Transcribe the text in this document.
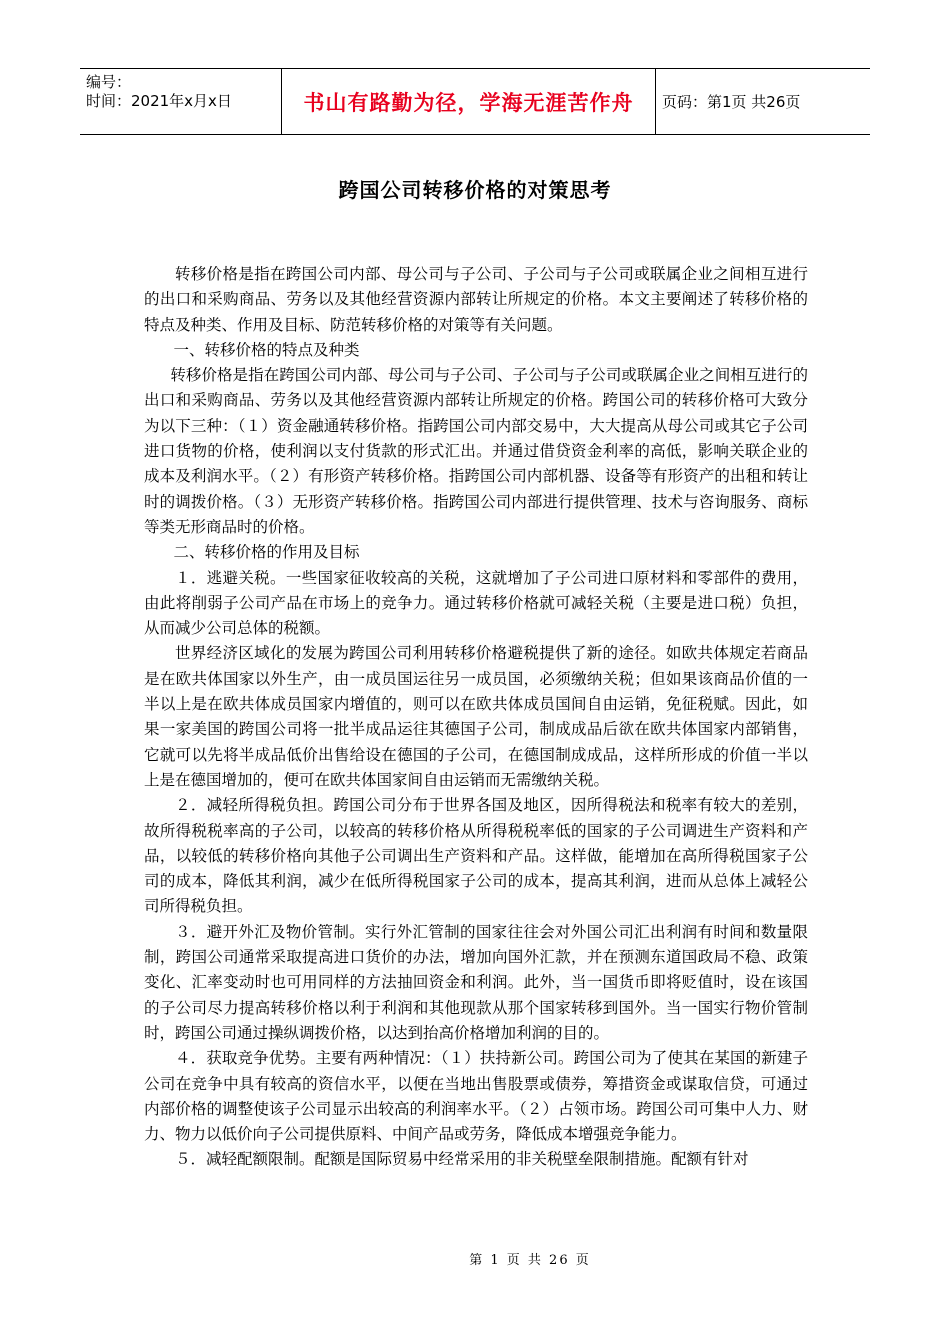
编号：
时间：2021年x月x日	书山有路勤为径，学海无涯苦作舟	页码：第1页 共26页
跨国公司转移价格的对策思考

转移价格是指在跨国公司内部、母公司与子公司、子公司与子公司或联属企业之间相互进行的出口和采购商品、劳务以及其他经营资源内部转让所规定的价格。本文主要阐述了转移价格的特点及种类、作用及目标、防范转移价格的对策等有关问题。

一、转移价格的特点及种类

转移价格是指在跨国公司内部、母公司与子公司、子公司与子公司或联属企业之间相互进行的出口和采购商品、劳务以及其他经营资源内部转让所规定的价格。跨国公司的转移价格可大致分为以下三种：（１）资金融通转移价格。指跨国公司内部交易中，大大提高从母公司或其它子公司进口货物的价格，使利润以支付货款的形式汇出。并通过借贷资金利率的高低，影响关联企业的成本及利润水平。（２）有形资产转移价格。指跨国公司内部机器、设备等有形资产的出租和转让时的调拨价格。（３）无形资产转移价格。指跨国公司内部进行提供管理、技术与咨询服务、商标等类无形商品时的价格。

二、转移价格的作用及目标

１．逃避关税。一些国家征收较高的关税，这就增加了子公司进口原材料和零部件的费用，由此将削弱子公司产品在市场上的竞争力。通过转移价格就可减轻关税（主要是进口税）负担，从而减少公司总体的税额。

世界经济区域化的发展为跨国公司利用转移价格避税提供了新的途径。如欧共体规定若商品是在欧共体国家以外生产，由一成员国运往另一成员国，必须缴纳关税；但如果该商品价值的一半以上是在欧共体成员国家内增值的，则可以在欧共体成员国间自由运销，免征税赋。因此，如果一家美国的跨国公司将一批半成品运往其德国子公司，制成成品后欲在欧共体国家内部销售，它就可以先将半成品低价出售给设在德国的子公司，在德国制成成品，这样所形成的价值一半以上是在德国增加的，便可在欧共体国家间自由运销而无需缴纳关税。

２．减轻所得税负担。跨国公司分布于世界各国及地区，因所得税法和税率有较大的差别，故所得税税率高的子公司，以较高的转移价格从所得税税率低的国家的子公司调进生产资料和产品，以较低的转移价格向其他子公司调出生产资料和产品。这样做，能增加在高所得税国家子公司的成本，降低其利润，减少在低所得税国家子公司的成本，提高其利润，进而从总体上减轻公司所得税负担。

３．避开外汇及物价管制。实行外汇管制的国家往往会对外国公司汇出利润有时间和数量限制，跨国公司通常采取提高进口货价的办法，增加向国外汇款，并在预测东道国政局不稳、政策变化、汇率变动时也可用同样的方法抽回资金和利润。此外，当一国货币即将贬值时，设在该国的子公司尽力提高转移价格以利于利润和其他现款从那个国家转移到国外。当一国实行物价管制时，跨国公司通过操纵调拨价格，以达到抬高价格增加利润的目的。

４．获取竞争优势。主要有两种情况：（１）扶持新公司。跨国公司为了使其在某国的新建子公司在竞争中具有较高的资信水平，以便在当地出售股票或债券，筹措资金或谋取信贷，可通过内部价格的调整使该子公司显示出较高的利润率水平。（２）占领市场。跨国公司可集中人力、财力、物力以低价向子公司提供原料、中间产品或劳务，降低成本增强竞争能力。

５．减轻配额限制。配额是国际贸易中经常采用的非关税壁垒限制措施。配额有针对

第 1 页 共 26 页
